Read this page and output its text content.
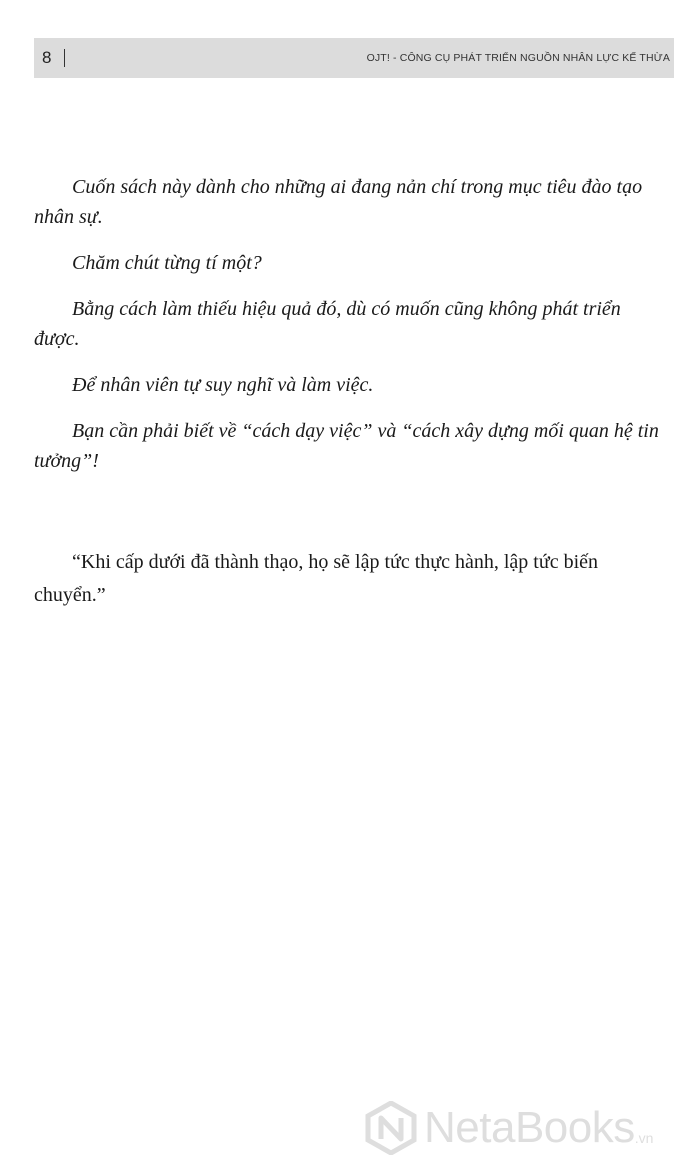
8	OJT! - CÔNG CỤ PHÁT TRIỂN NGUỒN NHÂN LỰC KẾ THỪA

Cuốn sách này dành cho những ai đang nản chí trong mục tiêu đào tạo nhân sự.

Chăm chút từng tí một?

Bằng cách làm thiếu hiệu quả đó, dù có muốn cũng không phát triển được.

Để nhân viên tự suy nghĩ và làm việc.

Bạn cần phải biết về “cách dạy việc” và “cách xây dựng mối quan hệ tin tưởng”!

“Khi cấp dưới đã thành thạo, họ sẽ lập tức thực hành, lập tức biến chuyển.”

NetaBooks .vn
